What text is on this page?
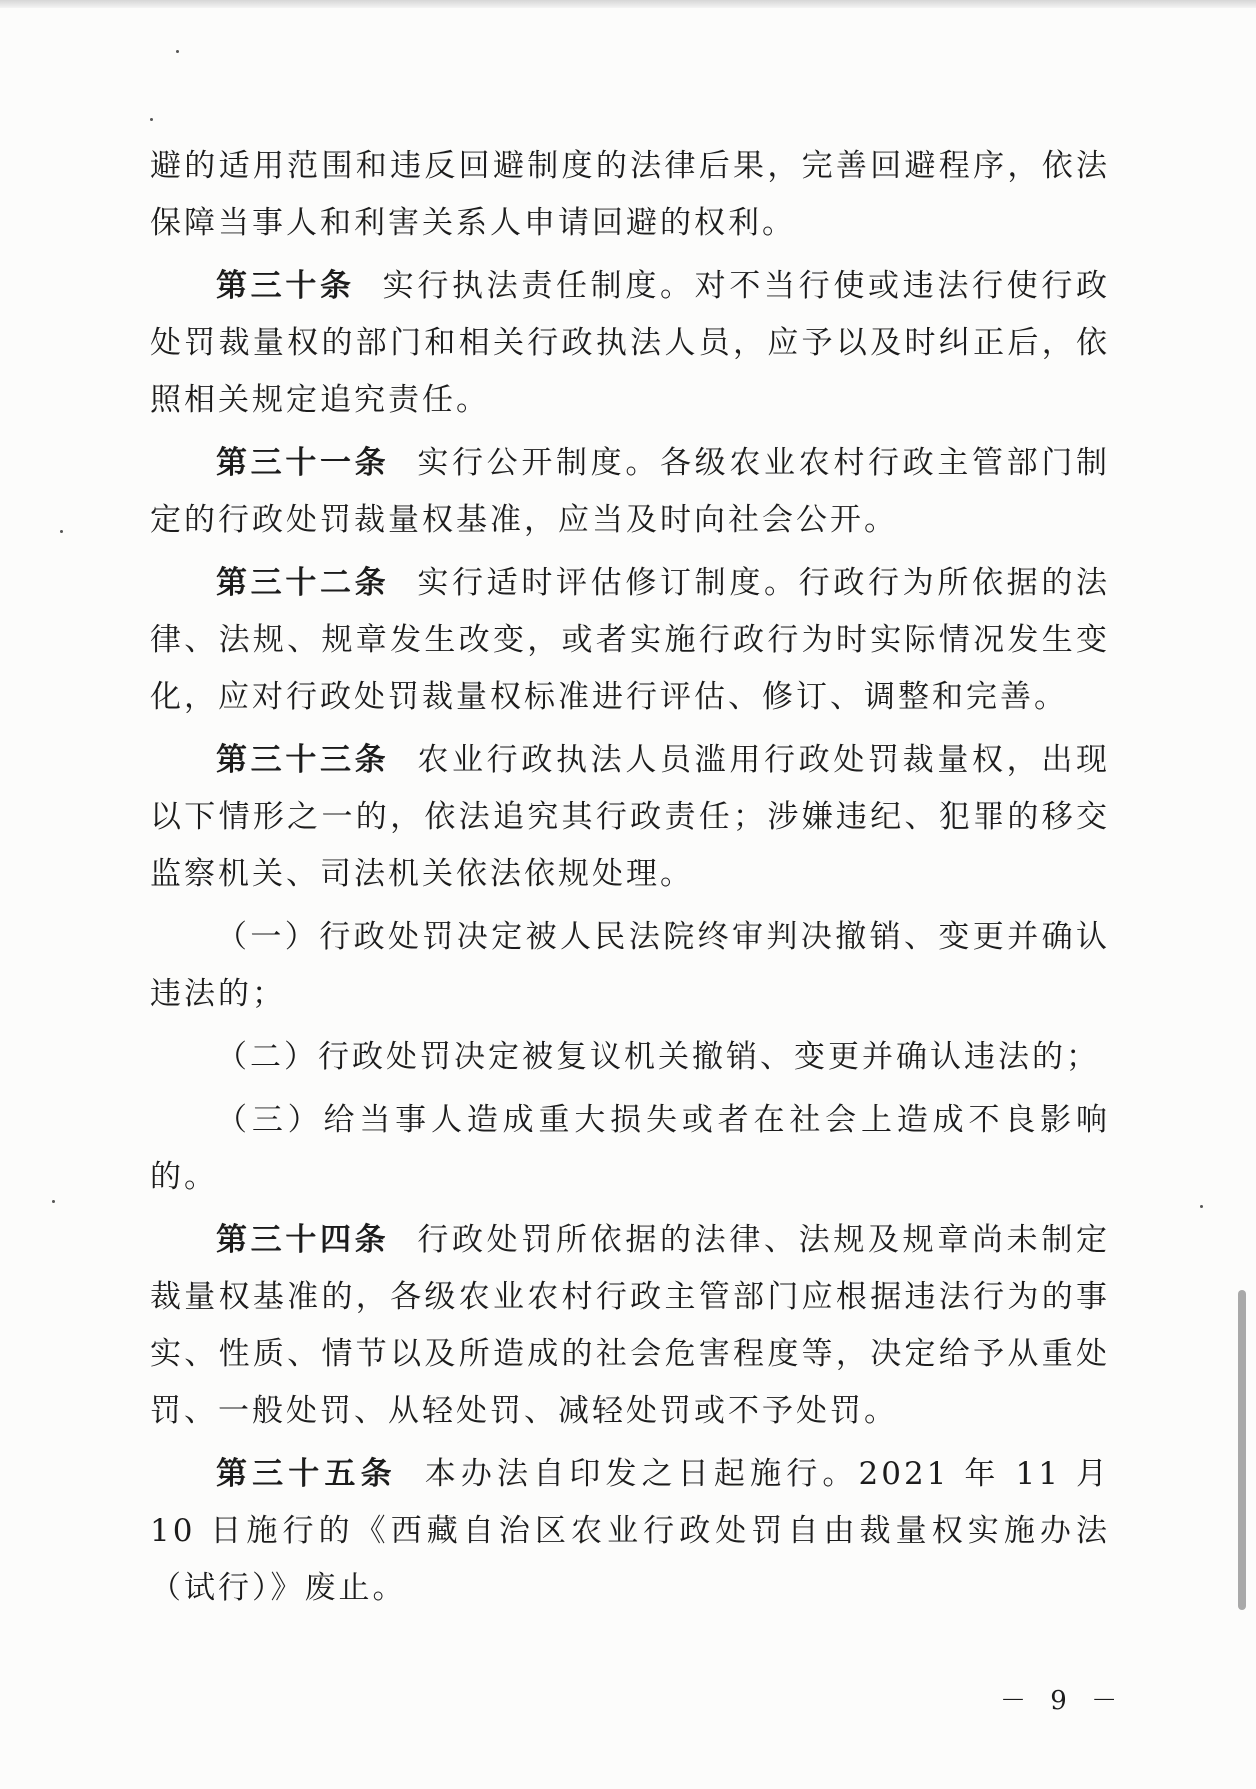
避的适用范围和违反回避制度的法律后果，完善回避程序，依法保障当事人和利害关系人申请回避的权利。

第三十条 实行执法责任制度。对不当行使或违法行使行政处罚裁量权的部门和相关行政执法人员，应予以及时纠正后，依照相关规定追究责任。

第三十一条 实行公开制度。各级农业农村行政主管部门制定的行政处罚裁量权基准，应当及时向社会公开。

第三十二条 实行适时评估修订制度。行政行为所依据的法律、法规、规章发生改变，或者实施行政行为时实际情况发生变化，应对行政处罚裁量权标准进行评估、修订、调整和完善。

第三十三条 农业行政执法人员滥用行政处罚裁量权，出现以下情形之一的，依法追究其行政责任；涉嫌违纪、犯罪的移交监察机关、司法机关依法依规处理。

（一）行政处罚决定被人民法院终审判决撤销、变更并确认违法的；

（二）行政处罚决定被复议机关撤销、变更并确认违法的；

（三）给当事人造成重大损失或者在社会上造成不良影响的。

第三十四条 行政处罚所依据的法律、法规及规章尚未制定裁量权基准的，各级农业农村行政主管部门应根据违法行为的事实、性质、情节以及所造成的社会危害程度等，决定给予从重处罚、一般处罚、从轻处罚、减轻处罚或不予处罚。

第三十五条 本办法自印发之日起施行。2021 年 11 月 10 日施行的《西藏自治区农业行政处罚自由裁量权实施办法（试行）》废止。

－ 9 －
